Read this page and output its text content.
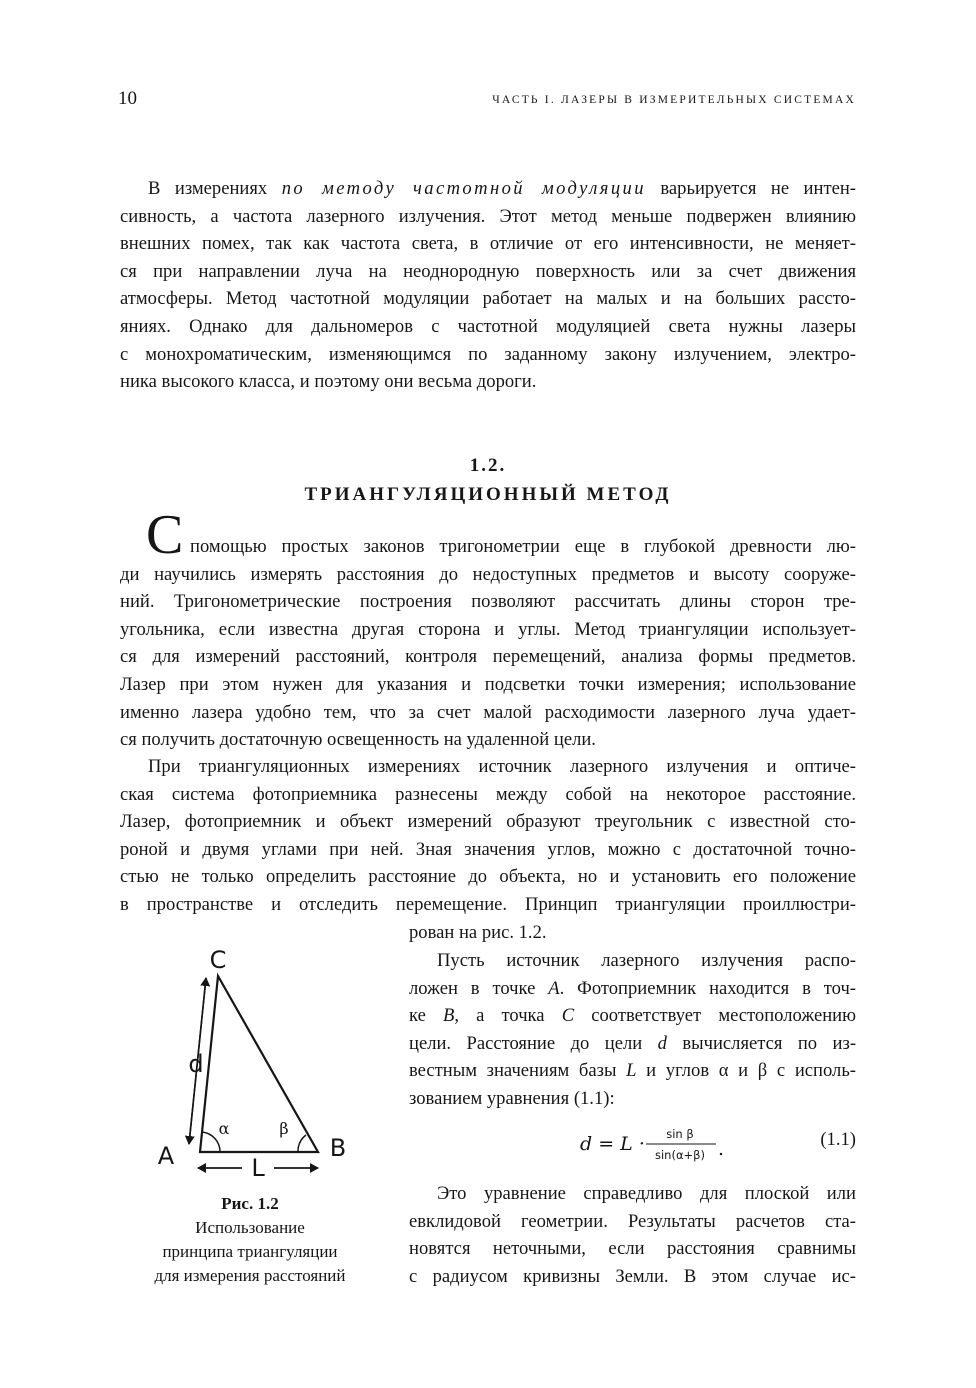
10	ЧАСТЬ I. ЛАЗЕРЫ В ИЗМЕРИТЕЛЬНЫХ СИСТЕМАХ
В измерениях по методу частотной модуляции варьируется не интен-
сивность, а частота лазерного излучения. Этот метод меньше подвержен влиянию
внешних помех, так как частота света, в отличие от его интенсивности, не меняет-
ся при направлении луча на неоднородную поверхность или за счет движения
атмосферы. Метод частотной модуляции работает на малых и на больших рассто-
яниях. Однако для дальномеров с частотной модуляцией света нужны лазеры
с монохроматическим, изменяющимся по заданному закону излучением, электро-
ника высокого класса, и поэтому они весьма дороги.
1.2.
ТРИАНГУЛЯЦИОННЫЙ МЕТОД
С помощью простых законов тригонометрии еще в глубокой древности лю-
ди научились измерять расстояния до недоступных предметов и высоту сооруже-
ний. Тригонометрические построения позволяют рассчитать длины сторон тре-
угольника, если известна другая сторона и углы. Метод триангуляции использует-
ся для измерений расстояний, контроля перемещений, анализа формы предметов.
Лазер при этом нужен для указания и подсветки точки измерения; использование
именно лазера удобно тем, что за счет малой расходимости лазерного луча удает-
ся получить достаточную освещенность на удаленной цели.
При триангуляционных измерениях источник лазерного излучения и оптиче-
ская система фотоприемника разнесены между собой на некоторое расстояние.
Лазер, фотоприемник и объект измерений образуют треугольник с известной сто-
роной и двумя углами при ней. Зная значения углов, можно с достаточной точно-
стью не только определить расстояние до объекта, но и установить его положение
в пространстве и отследить перемещение. Принцип триангуляции проиллюстри-
рован на рис. 1.2.
Пусть источник лазерного излучения распо-
ложен в точке A. Фотоприемник находится в точ-
ке B, а точка C соответствует местоположению
цели. Расстояние до цели d вычисляется по из-
вестным значениям базы L и углов α и β с исполь-
зованием уравнения (1.1):
d = L · sin β
sin(α+β) .	(1.1)
Это уравнение справедливо для плоской или
евклидовой геометрии. Результаты расчетов ста-
новятся неточными, если расстояния сравнимы
с радиусом кривизны Земли. В этом случае ис-
C
A	B
d
L
α	β
Рис. 1.2
Использование
принципа триангуляции
для измерения расстояний
